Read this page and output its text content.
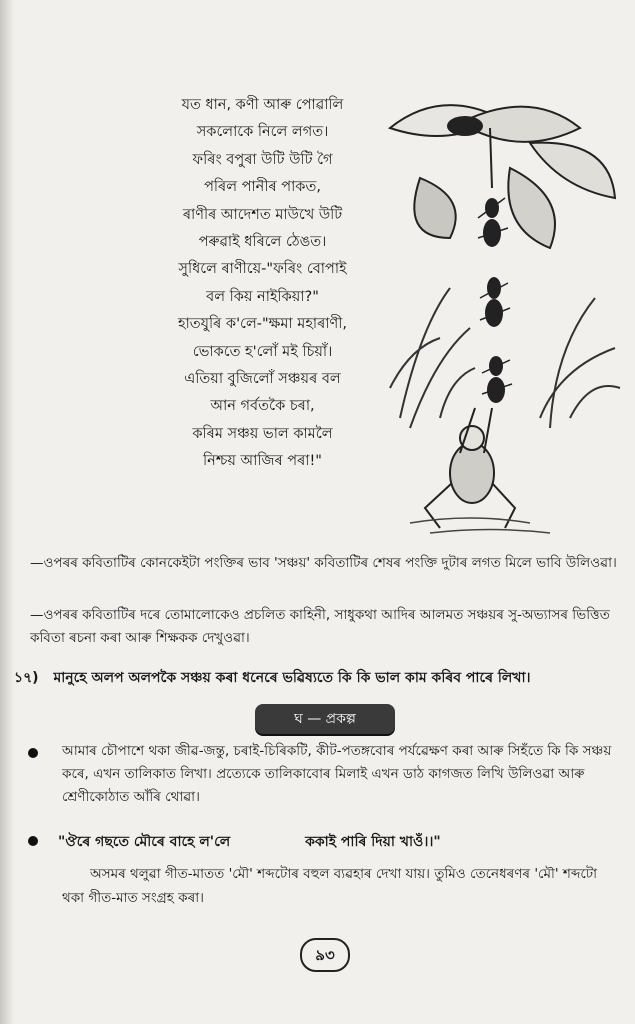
যত ধান, কণী আৰু পোৱালি
সকলোকে নিলে লগত।
ফৰিং বপুৰা উটি উটি গৈ
পৰিল পানীৰ পাকত,
ৰাণীৰ আদেশত মাউখে উটি
পৰুৱাই ধৰিলে ঠেঙত।
সুধিলে ৰাণীয়ে-"ফৰিং বোপাই
বল কিয় নাইকিয়া?"
হাতযুৰি ক'লে-"ক্ষমা মহাৰাণী,
ভোকতে হ'লোঁ মই চিয়াঁ।
এতিয়া বুজিলোঁ সঞ্চয়ৰ বল
আন গৰ্বতকৈ চৰা,
কৰিম সঞ্চয় ভাল কামলৈ
নিশ্চয় আজিৰ পৰা!"
—ওপৰৰ কবিতাটিৰ কোনকেইটা পংক্তিৰ ভাব 'সঞ্চয়' কবিতাটিৰ শেষৰ পংক্তি দুটাৰ লগত মিলে ভাবি উলিওৱা।
—ওপৰৰ কবিতাটিৰ দৰে তোমালোকেও প্ৰচলিত কাহিনী, সাধুকথা আদিৰ আলমত সঞ্চয়ৰ সু-অভ্যাসৰ ভিত্তিত কবিতা ৰচনা কৰা আৰু শিক্ষকক দেখুওৱা।
১৭) মানুহে অলপ অলপকৈ সঞ্চয় কৰা ধনেৰে ভৱিষ্যতে কি কি ভাল কাম কৰিব পাৰে লিখা।
ঘ — প্ৰকল্প
আমাৰ চৌপাশে থকা জীৱ-জন্তু, চৰাই-চিৰিকটি, কীট-পতঙ্গবোৰ পৰ্যৱেক্ষণ কৰা আৰু সিহঁতে কি কি সঞ্চয় কৰে, এখন তালিকাত লিখা। প্ৰত্যেকে তালিকাবোৰ মিলাই এখন ডাঠ কাগজত লিখি উলিওৱা আৰু শ্ৰেণীকোঠাত আঁৰি থোৱা।
"ঔৰে গছতে মৌৰে বাহে ল'লে	ককাই পাৰি দিয়া খাওঁ।।"
অসমৰ থলুৱা গীত-মাতত 'মৌ' শব্দটোৰ বহুল ব্যৱহাৰ দেখা যায়। তুমিও তেনেধৰণৰ 'মৌ' শব্দটো থকা গীত-মাত সংগ্ৰহ কৰা।
৯৩
